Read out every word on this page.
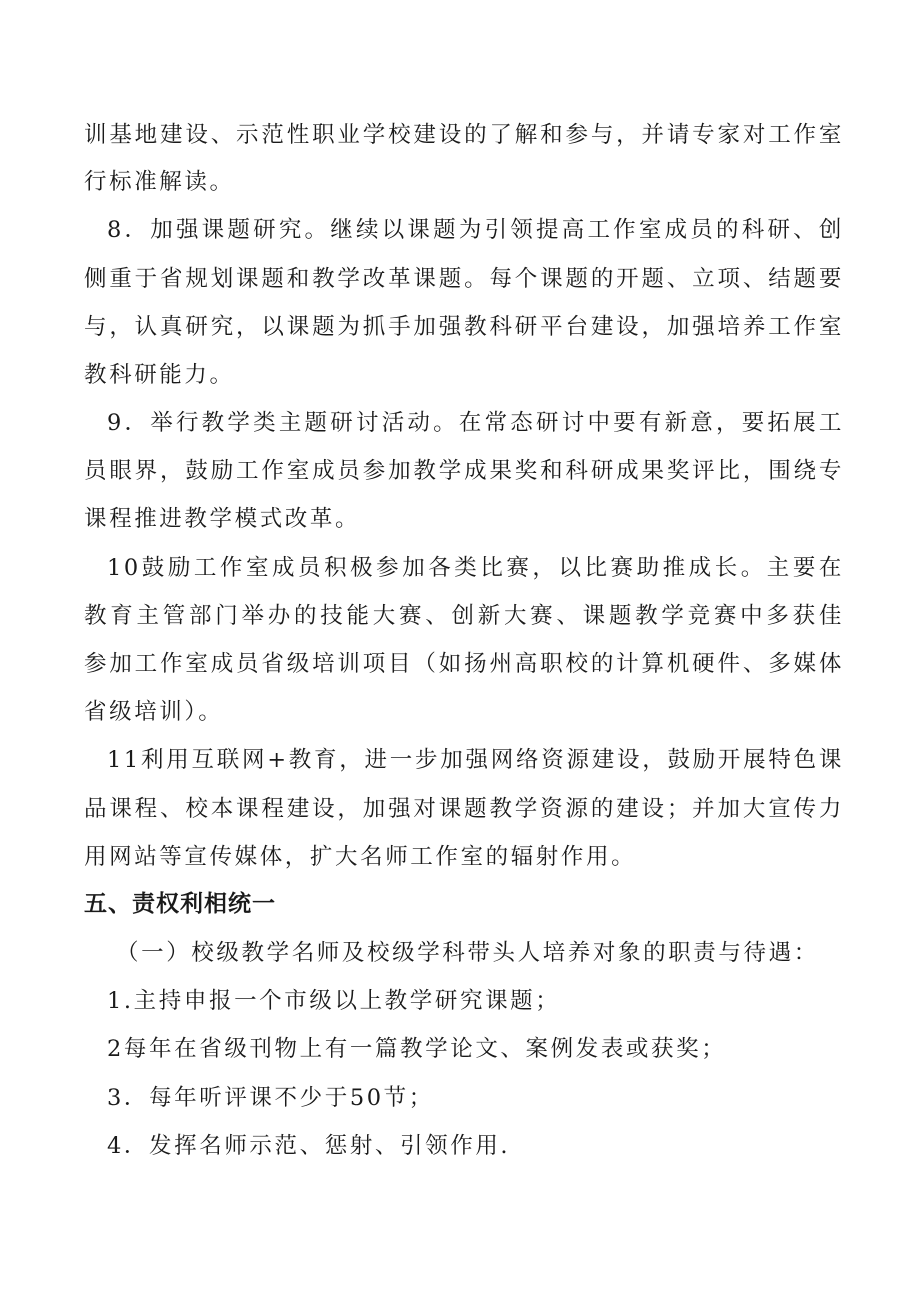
训基地建设、示范性职业学校建设的了解和参与，并请专家对工作室
行标准解读。
8．加强课题研究。继续以课题为引领提高工作室成员的科研、创
侧重于省规划课题和教学改革课题。每个课题的开题、立项、结题要
与，认真研究，以课题为抓手加强教科研平台建设，加强培养工作室
教科研能力。
9．举行教学类主题研讨活动。在常态研讨中要有新意，要拓展工
员眼界，鼓励工作室成员参加教学成果奖和科研成果奖评比，围绕专
课程推进教学模式改革。
10鼓励工作室成员积极参加各类比赛，以比赛助推成长。主要在
教育主管部门举办的技能大赛、创新大赛、课题教学竞赛中多获佳
参加工作室成员省级培训项目（如扬州高职校的计算机硬件、多媒体
省级培训）。
11利用互联网+教育，进一步加强网络资源建设，鼓励开展特色课
品课程、校本课程建设，加强对课题教学资源的建设；并加大宣传力
用网站等宣传媒体，扩大名师工作室的辐射作用。
五、责权利相统一
（一）校级教学名师及校级学科带头人培养对象的职责与待遇：
1.主持申报一个市级以上教学研究课题；
2每年在省级刊物上有一篇教学论文、案例发表或获奖；
3．每年听评课不少于50节；
4．发挥名师示范、惩射、引领作用.
